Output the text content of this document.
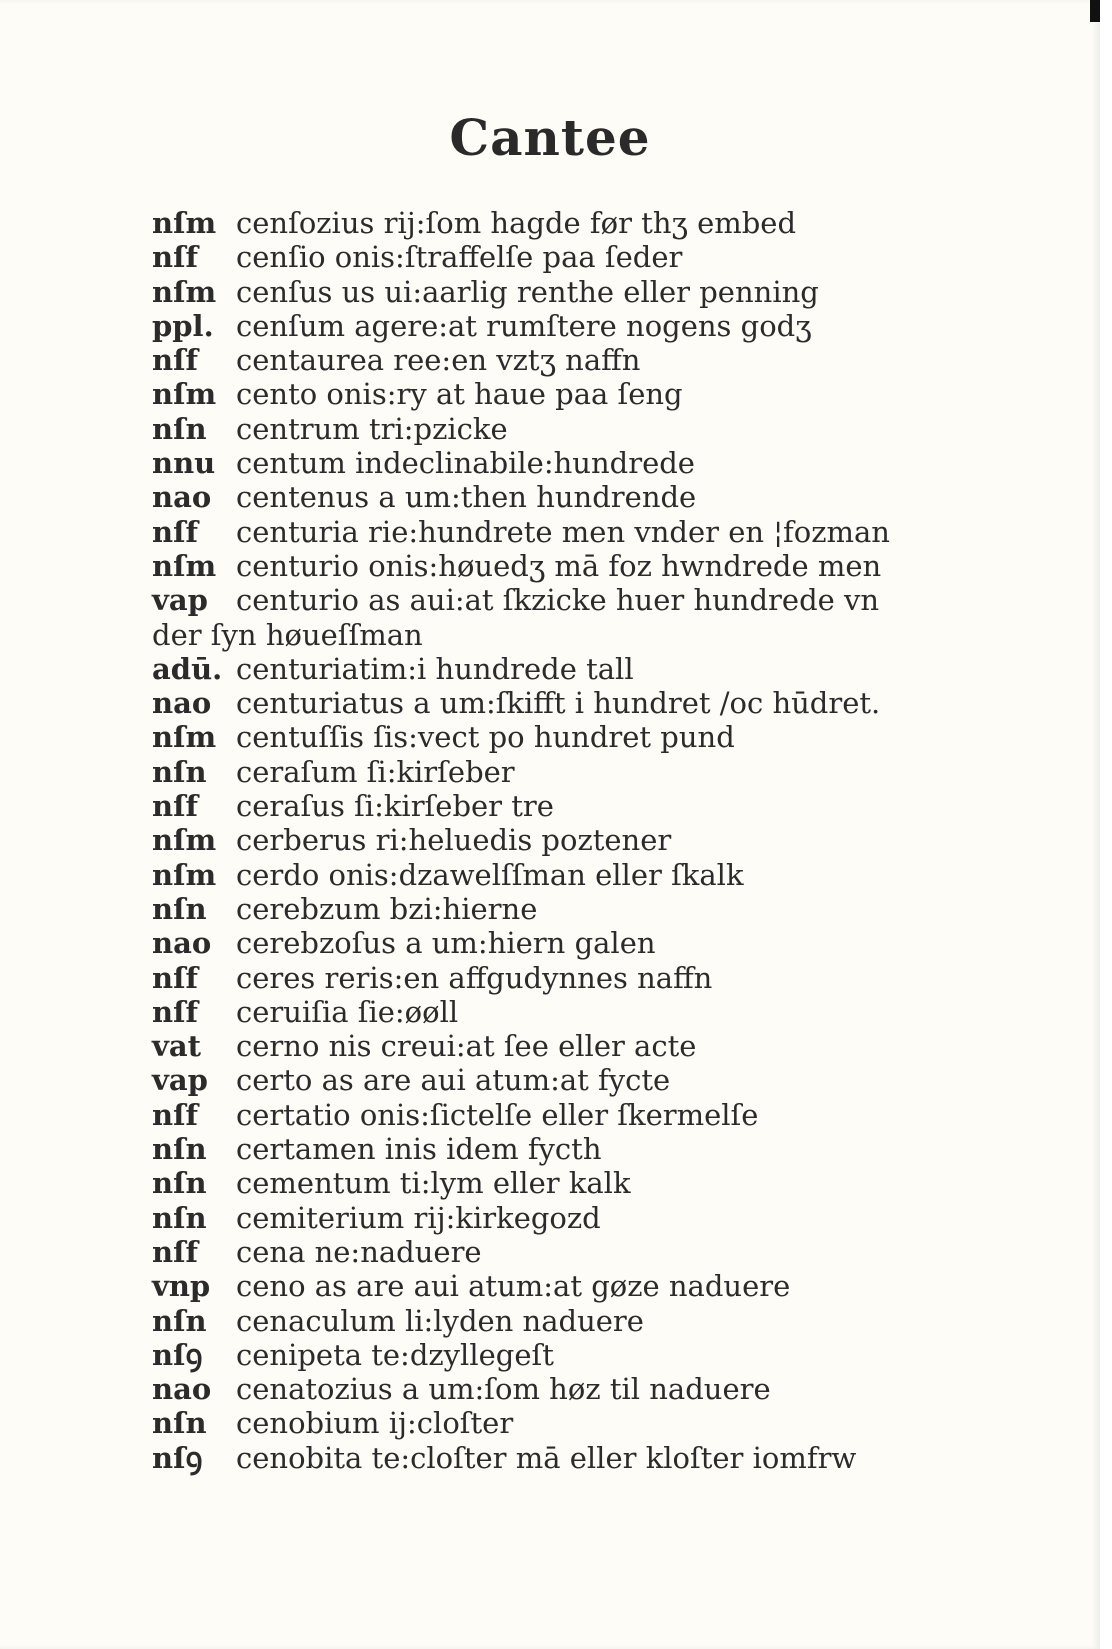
Cantee
nſm cenſozius rij:ſom hagde før thʒ embed
nſf	cenſio onis:ſtraffelſe paa ſeder
nſm cenſus us ui:aarlig renthe eller penning
ppl. cenſum agere:at rumſtere nogens godʒ
nſf	centaurea ree:en vztʒ naffn
nſm cento onis:ry at haue paa ſeng
nſn	centrum tri:pzicke
nnu centum indeclinabile:hundrede
nao centenus a um:then hundrende
nſf	centuria rie:hundrete men vnder en ¦fozman
nſm centurio onis:høuedʒ mā foz hwndrede men
vap centurio as aui:at ſkzicke huer hundrede vn
der ſyn høueſſman
adū. centuriatim:i hundrede tall
nao centuriatus a um:ſkifft i hundret /oc hūdret.
nſm centuſſis ſis:vect po hundret pund
nſn	ceraſum ſi:kirſeber
nſf	ceraſus ſi:kirſeber tre
nſm cerberus ri:heluedis poztener
nſm cerdo onis:dzawelſſman eller ſkalk
nſn	cerebzum bzi:hierne
nao cerebzoſus a um:hiern galen
nſf	ceres reris:en affgudynnes naffn
nſf	ceruiſia ſie:øøll
vat	cerno nis creui:at ſee eller acte
vap certo as are aui atum:at fycte
nſf	certatio onis:ſictelſe eller ſkermelſe
nſn	certamen inis idem fycth
nſn	cementum ti:lym eller kalk
nſn	cemiterium rij:kirkegozd
nſf	cena ne:naduere
vnp ceno as are aui atum:at gøze naduere
nſn	cenaculum li:lyden naduere
nſꝯ	cenipeta te:dzyllegeſt
nao cenatozius a um:ſom høz til naduere
nſn	cenobium ij:cloſter
nſꝯ	cenobita te:cloſter mā eller kloſter iomfrw
